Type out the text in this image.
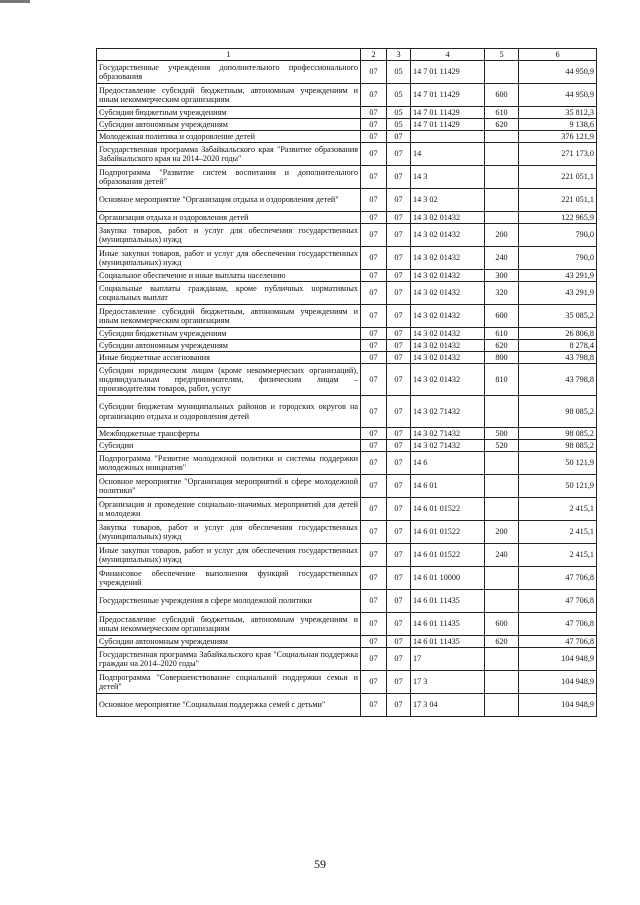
1	2	3	4	5	6
Государственные учреждения дополнительного профессионального образования	07	05	14 7 01 11429		44 950,9
Предоставление субсидий бюджетным, автономным учреждениям и иным некоммерческим организациям	07	05	14 7 01 11429	600	44 950,9
Субсидии бюджетным учреждениям	07	05	14 7 01 11429	610	35 812,3
Субсидии автономным учреждениям	07	05	14 7 01 11429	620	9 138,6
Молодежная политика и оздоровление детей	07	07			376 121,9
Государственная программа Забайкальского края "Развитие образования Забайкальского края на 2014–2020 годы"	07	07	14		271 173,0
Подпрограмма "Развитие систем воспитания и дополнительного образования детей"	07	07	14 3		221 051,1
Основное мероприятие "Организация отдыха и оздоровления детей"	07	07	14 3 02		221 051,1
Организация отдыха и оздоровления детей	07	07	14 3 02 01432		122 965,9
Закупка товаров, работ и услуг для обеспечения государственных (муниципальных) нужд	07	07	14 3 02 01432	200	790,0
Иные закупки товаров, работ и услуг для обеспечения государственных (муниципальных) нужд	07	07	14 3 02 01432	240	790,0
Социальное обеспечение и иные выплаты населению	07	07	14 3 02 01432	300	43 291,9
Социальные выплаты гражданам, кроме публичных нормативных социальных выплат	07	07	14 3 02 01432	320	43 291,9
Предоставление субсидий бюджетным, автономным учреждениям и иным некоммерческим организациям	07	07	14 3 02 01432	600	35 085,2
Субсидии бюджетным учреждениям	07	07	14 3 02 01432	610	26 806,8
Субсидии автономным учреждениям	07	07	14 3 02 01432	620	8 278,4
Иные бюджетные ассигнования	07	07	14 3 02 01432	800	43 798,8
Субсидии юридическим лицам (кроме некоммерческих организаций), индивидуальным предпринимателям, физическим лицам – производителям товаров, работ, услуг	07	07	14 3 02 01432	810	43 798,8
Субсидии бюджетам муниципальных районов и городских округов на организацию отдыха и оздоровления детей	07	07	14 3 02 71432		98 085,2
Межбюджетные трансферты	07	07	14 3 02 71432	500	98 085,2
Субсидии	07	07	14 3 02 71432	520	98 085,2
Подпрограмма "Развитие молодежной политики и системы поддержки молодежных инициатив"	07	07	14 6		50 121,9
Основное мероприятие "Организация мероприятий в сфере молодежной политики"	07	07	14 6 01		50 121,9
Организация и проведение социально-значимых мероприятий для детей и молодежи	07	07	14 6 01 01522		2 415,1
Закупка товаров, работ и услуг для обеспечения государственных (муниципальных) нужд	07	07	14 6 01 01522	200	2 415,1
Иные закупки товаров, работ и услуг для обеспечения государственных (муниципальных) нужд	07	07	14 6 01 01522	240	2 415,1
Финансовое обеспечение выполнения функций государственных учреждений	07	07	14 6 01 10000		47 706,8
Государственные учреждения в сфере молодежной политики	07	07	14 6 01 11435		47 706,8
Предоставление субсидий бюджетным, автономным учреждениям и иным некоммерческим организациям	07	07	14 6 01 11435	600	47 706,8
Субсидии автономным учреждениям	07	07	14 6 01 11435	620	47 706,8
Государственная программа Забайкальского края "Социальная поддержка граждан на 2014–2020 годы"	07	07	17		104 948,9
Подпрограмма "Совершенствование социальной поддержки семьи и детей"	07	07	17 3		104 948,9
Основное мероприятие "Социальная поддержка семей с детьми"	07	07	17 3 04		104 948,9
59
